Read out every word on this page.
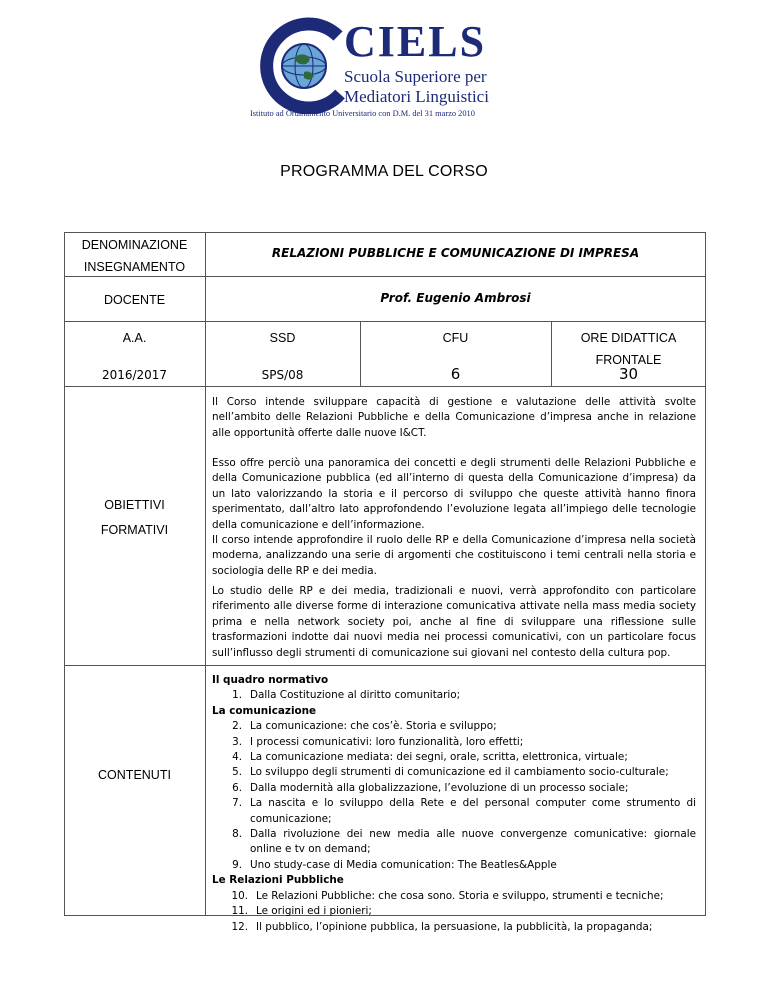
CIELS
Scuola Superiore per
Mediatori Linguistici
Istituto ad Ordinamento Universitario con D.M. del 31 marzo 2010
PROGRAMMA DEL CORSO
DENOMINAZIONE
INSEGNAMENTO
RELAZIONI PUBBLICHE E COMUNICAZIONE DI IMPRESA
DOCENTE	Prof. Eugenio Ambrosi
A.A.
2016/2017
SSD
SPS/08
CFU
6
ORE DIDATTICA
FRONTALE
30
OBIETTIVI
FORMATIVI
Il Corso intende sviluppare capacità di gestione e valutazione delle attività svolte nell’ambito delle Relazioni Pubbliche e della Comunicazione d’impresa anche in relazione alle opportunità offerte dalle nuove I&CT.
Esso offre perciò una panoramica dei concetti e degli strumenti delle Relazioni Pubbliche e della Comunicazione pubblica (ed all’interno di questa della Comunicazione d’impresa) da un lato valorizzando la storia e il percorso di sviluppo che queste attività hanno finora sperimentato, dall’altro lato approfondendo l’evoluzione legata all’impiego delle tecnologie della comunicazione e dell’informazione.
Il corso intende approfondire il ruolo delle RP e della Comunicazione d’impresa nella società moderna, analizzando una serie di argomenti che costituiscono i temi centrali nella storia e sociologia delle RP e dei media.
Lo studio delle RP e dei media, tradizionali e nuovi, verrà approfondito con particolare riferimento alle diverse forme di interazione comunicativa attivate nella mass media society prima e nella network society poi, anche al fine di sviluppare una riflessione sulle trasformazioni indotte dai nuovi media nei processi comunicativi, con un particolare focus sull’influsso degli strumenti di comunicazione sui giovani nel contesto della cultura pop.
CONTENUTI
Il quadro normativo
1. Dalla Costituzione al diritto comunitario;
La comunicazione
2. La comunicazione: che cos’è. Storia e sviluppo;
3. I processi comunicativi: loro funzionalità, loro effetti;
4. La comunicazione mediata: dei segni, orale, scritta, elettronica, virtuale;
5. Lo sviluppo degli strumenti di comunicazione ed il cambiamento socio-culturale;
6. Dalla modernità alla globalizzazione, l’evoluzione di un processo sociale;
7. La nascita e lo sviluppo della Rete e del personal computer come strumento di comunicazione;
8. Dalla rivoluzione dei new media alle nuove convergenze comunicative: giornale online e tv on demand;
9. Uno study-case di Media comunication: The Beatles&Apple
Le Relazioni Pubbliche
10. Le Relazioni Pubbliche: che cosa sono. Storia e sviluppo, strumenti e tecniche;
11. Le origini ed i pionieri;
12. Il pubblico, l’opinione pubblica, la persuasione, la pubblicità, la propaganda;
